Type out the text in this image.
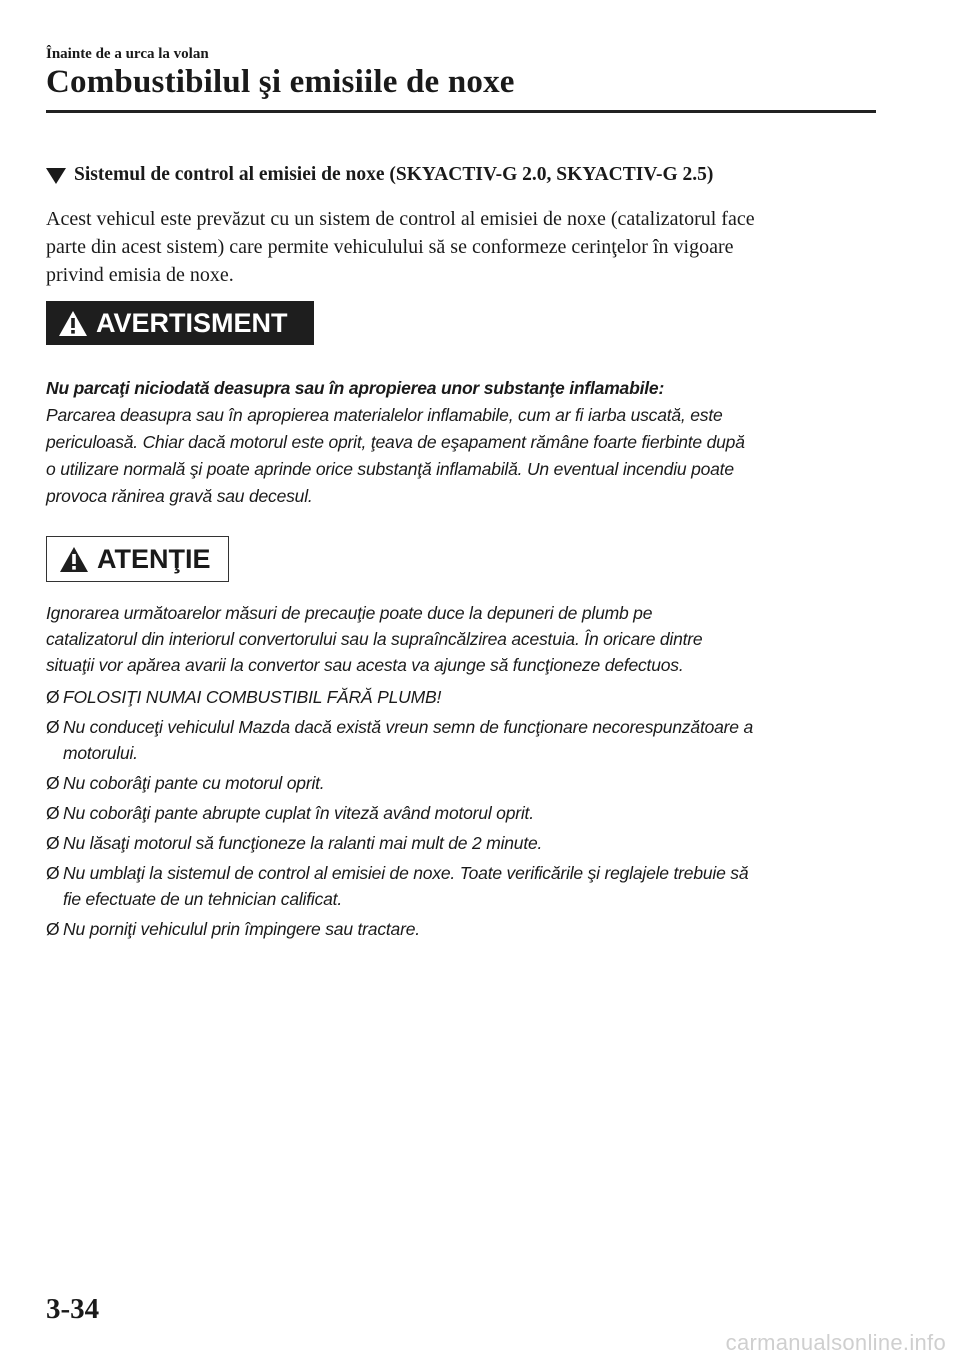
Înainte de a urca la volan
Combustibilul şi emisiile de noxe
Sistemul de control al emisiei de noxe (SKYACTIV-G 2.0, SKYACTIV-G 2.5)

Acest vehicul este prevăzut cu un sistem de control al emisiei de noxe (catalizatorul face

parte din acest sistem) care permite vehiculului să se conformeze cerinţelor în vigoare

privind emisia de noxe.

AVERTISMENT

Nu parcaţi niciodată deasupra sau în apropierea unor substanţe inflamabile:

Parcarea deasupra sau în apropierea materialelor inflamabile, cum ar fi iarba uscată, este

periculoasă. Chiar dacă motorul este oprit, ţeava de eşapament rămâne foarte fierbinte după

o utilizare normală şi poate aprinde orice substanţă inflamabilă. Un eventual incendiu poate

provoca rănirea gravă sau decesul.

ATENŢIE

Ignorarea următoarelor măsuri de precauţie poate duce la depuneri de plumb pe
catalizatorul din interiorul convertorului sau la supraîncălzirea acestuia. În oricare dintre
situaţii vor apărea avarii la convertor sau acesta va ajunge să funcţioneze defectuos.

Ø FOLOSIŢI NUMAI COMBUSTIBIL FĂRĂ PLUMB!
Ø Nu conduceţi vehiculul Mazda dacă există vreun semn de funcţionare necorespunzătoare a
motorului.
Ø Nu coborâţi pante cu motorul oprit.
Ø Nu coborâţi pante abrupte cuplat în viteză având motorul oprit.
Ø Nu lăsaţi motorul să funcţioneze la ralanti mai mult de 2 minute.
Ø Nu umblaţi la sistemul de control al emisiei de noxe. Toate verificările şi reglajele trebuie să
fie efectuate de un tehnician calificat.
Ø Nu porniţi vehiculul prin împingere sau tractare.
3-34
carmanualsonline.info
